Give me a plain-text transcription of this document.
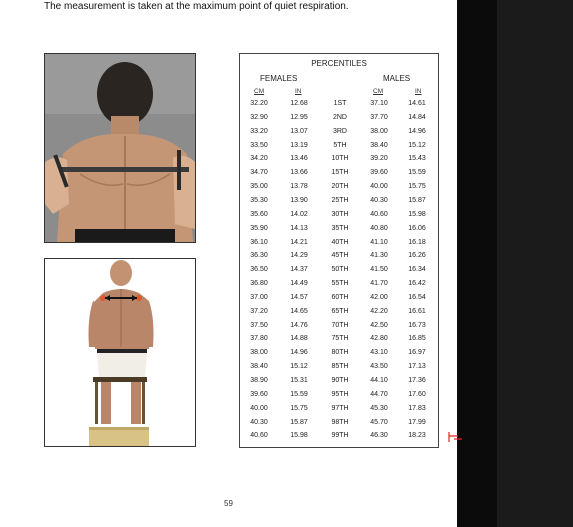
The measurement is taken at the maximum point of quiet respiration.
PERCENTILES
FEMALES	MALES
CM	IN	CM	IN
32.20	12.68	1ST	37.10	14.61
32.90	12.95	2ND	37.70	14.84
33.20	13.07	3RD	38.00	14.96
33.50	13.19	5TH	38.40	15.12
34.20	13.46	10TH	39.20	15.43
34.70	13.66	15TH	39.60	15.59
35.00	13.78	20TH	40.00	15.75
35.30	13.90	25TH	40.30	15.87
35.60	14.02	30TH	40.60	15.98
35.90	14.13	35TH	40.80	16.06
36.10	14.21	40TH	41.10	16.18
36.30	14.29	45TH	41.30	16.26
36.50	14.37	50TH	41.50	16.34
36.80	14.49	55TH	41.70	16.42
37.00	14.57	60TH	42.00	16.54
37.20	14.65	65TH	42.20	16.61
37.50	14.76	70TH	42.50	16.73
37.80	14.88	75TH	42.80	16.85
38.00	14.96	80TH	43.10	16.97
38.40	15.12	85TH	43.50	17.13
38.90	15.31	90TH	44.10	17.36
39.60	15.59	95TH	44.70	17.60
40.00	15.75	97TH	45.30	17.83
40.30	15.87	98TH	45.70	17.99
40.60	15.98	99TH	46.30	18.23
59
